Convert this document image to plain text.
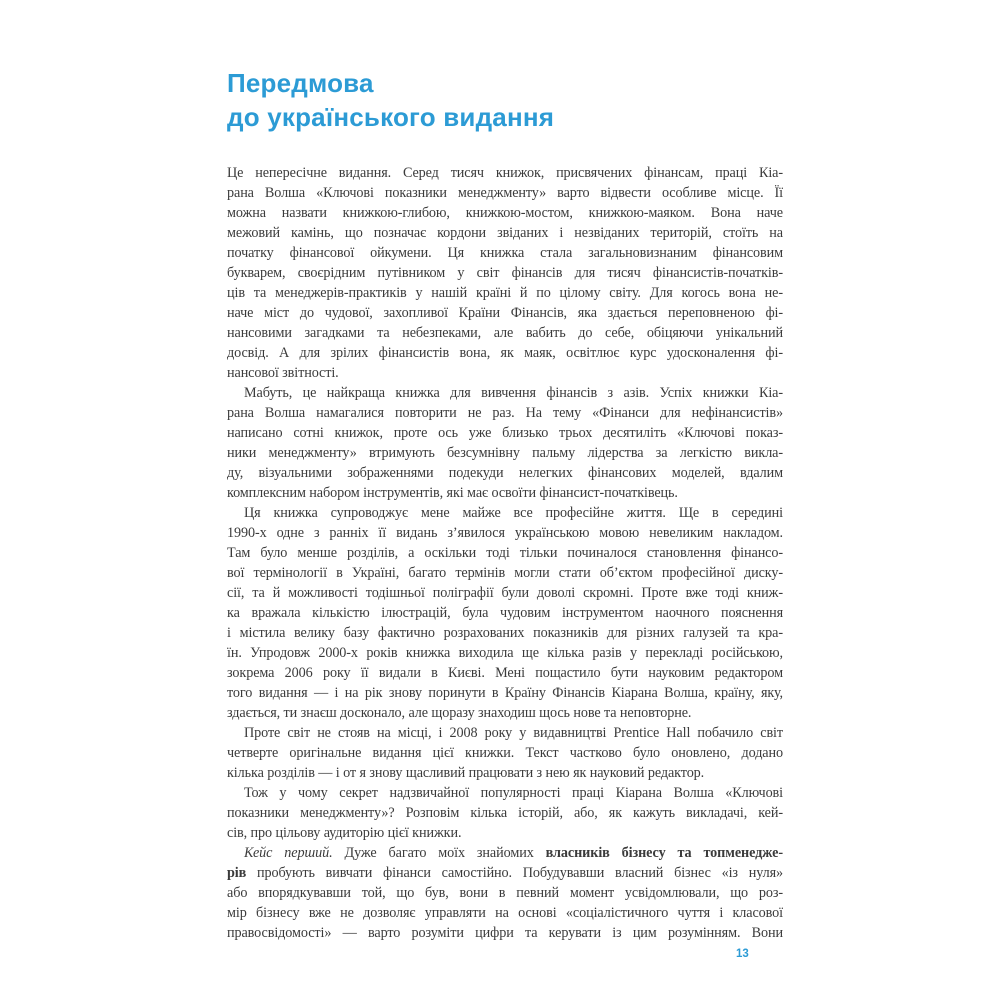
Передмова
до українського видання
Це непересічне видання. Серед тисяч книжок, присвячених фінансам, праці Кіа-
рана Волша «Ключові показники менеджменту» варто відвести особливе місце. Її
можна назвати книжкою-глибою, книжкою-мостом, книжкою-маяком. Вона наче
межовий камінь, що позначає кордони звіданих і незвіданих територій, стоїть на
початку фінансової ойкумени. Ця книжка стала загальновизнаним фінансовим
букварем, своєрідним путівником у світ фінансів для тисяч фінансистів-початків-
ців та менеджерів-практиків у нашій країні й по цілому світу. Для когось вона не-
наче міст до чудової, захопливої Країни Фінансів, яка здається переповненою фі-
нансовими загадками та небезпеками, але вабить до себе, обіцяючи унікальний
досвід. А для зрілих фінансистів вона, як маяк, освітлює курс удосконалення фі-
нансової звітності.
Мабуть, це найкраща книжка для вивчення фінансів з азів. Успіх книжки Кіа-
рана Волша намагалися повторити не раз. На тему «Фінанси для нефінансистів»
написано сотні книжок, проте ось уже близько трьох десятиліть «Ключові показ-
ники менеджменту» втримують безсумнівну пальму лідерства за легкістю викла-
ду, візуальними зображеннями подекуди нелегких фінансових моделей, вдалим
комплексним набором інструментів, які має освоїти фінансист-початківець.
Ця книжка супроводжує мене майже все професійне життя. Ще в середині
1990-х одне з ранніх її видань з’явилося українською мовою невеликим накладом.
Там було менше розділів, а оскільки тоді тільки починалося становлення фінансо-
вої термінології в Україні, багато термінів могли стати об’єктом професійної диску-
сії, та й можливості тодішньої поліграфії були доволі скромні. Проте вже тоді книж-
ка вражала кількістю ілюстрацій, була чудовим інструментом наочного пояснення
і містила велику базу фактично розрахованих показників для різних галузей та кра-
їн. Упродовж 2000-х років книжка виходила ще кілька разів у перекладі російською,
зокрема 2006 року її видали в Києві. Мені пощастило бути науковим редактором
того видання — і на рік знову поринути в Країну Фінансів Кіарана Волша, країну, яку,
здається, ти знаєш досконало, але щоразу знаходиш щось нове та неповторне.
Проте світ не стояв на місці, і 2008 року у видавництві Prentice Hall побачило світ
четверте оригінальне видання цієї книжки. Текст частково було оновлено, додано
кілька розділів — і от я знову щасливий працювати з нею як науковий редактор.
Тож у чому секрет надзвичайної популярності праці Кіарана Волша «Ключові
показники менеджменту»? Розповім кілька історій, або, як кажуть викладачі, кей-
сів, про цільову аудиторію цієї книжки.
Кейс перший. Дуже багато моїх знайомих власників бізнесу та топменедже-
рів пробують вивчати фінанси самостійно. Побудувавши власний бізнес «із нуля»
або впорядкувавши той, що був, вони в певний момент усвідомлювали, що роз-
мір бізнесу вже не дозволяє управляти на основі «соціалістичного чуття і класової
правосвідомості» — варто розуміти цифри та керувати із цим розумінням. Вони
13
